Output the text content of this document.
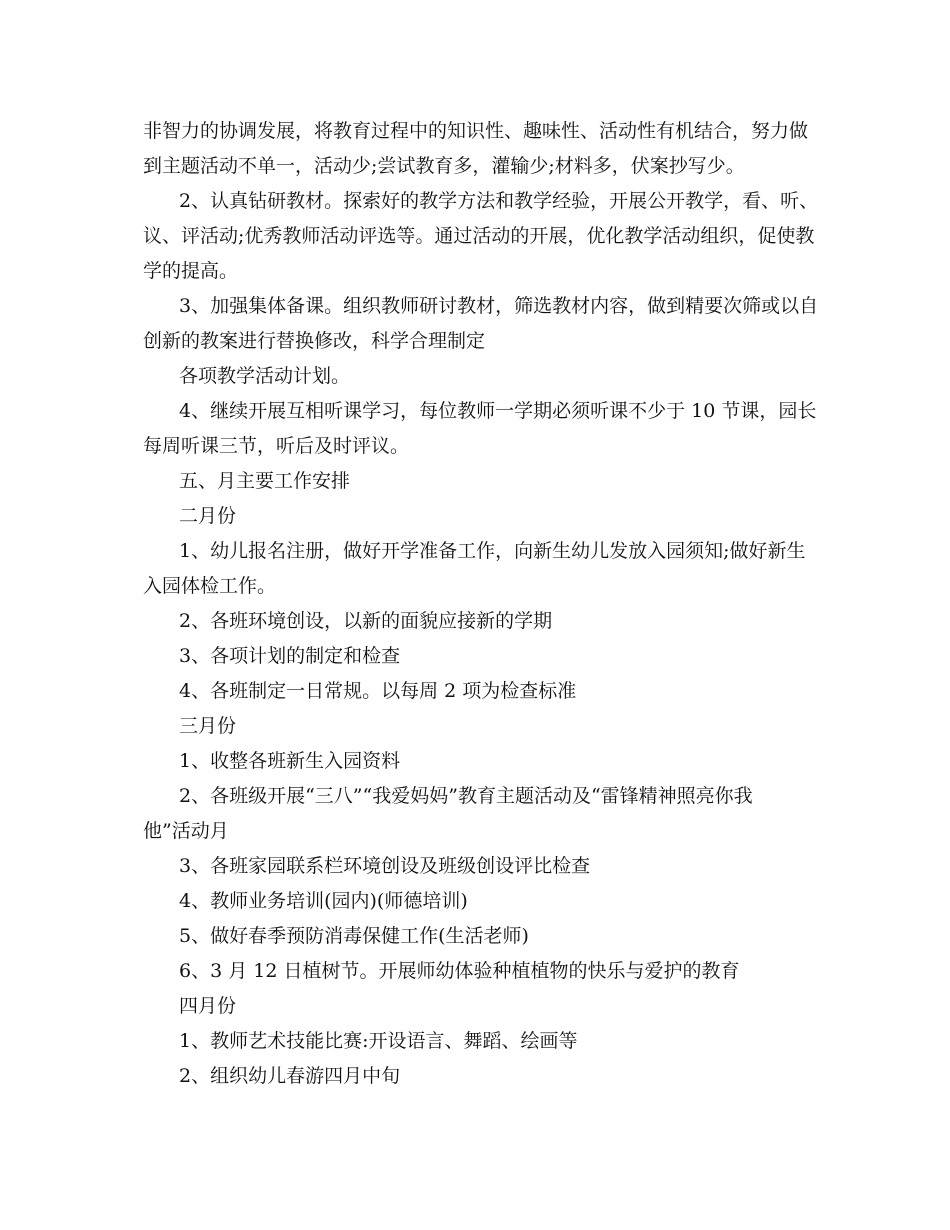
非智力的协调发展，将教育过程中的知识性、趣味性、活动性有机结合，努力做
到主题活动不单一，活动少;尝试教育多，灌输少;材料多，伏案抄写少。
2、认真钻研教材。探索好的教学方法和教学经验，开展公开教学，看、听、
议、评活动;优秀教师活动评选等。通过活动的开展，优化教学活动组织，促使教
学的提高。
3、加强集体备课。组织教师研讨教材，筛选教材内容，做到精要次筛或以自
创新的教案进行替换修改，科学合理制定
各项教学活动计划。
4、继续开展互相听课学习，每位教师一学期必须听课不少于 10 节课，园长
每周听课三节，听后及时评议。
五、月主要工作安排
二月份
1、幼儿报名注册，做好开学准备工作，向新生幼儿发放入园须知;做好新生
入园体检工作。
2、各班环境创设，以新的面貌应接新的学期
3、各项计划的制定和检查
4、各班制定一日常规。以每周 2 项为检查标准
三月份
1、收整各班新生入园资料
2、各班级开展“三八”“我爱妈妈”教育主题活动及“雷锋精神照亮你我
他”活动月
3、各班家园联系栏环境创设及班级创设评比检查
4、教师业务培训(园内)(师德培训)
5、做好春季预防消毒保健工作(生活老师)
6、3 月 12 日植树节。开展师幼体验种植植物的快乐与爱护的教育
四月份
1、教师艺术技能比赛:开设语言、舞蹈、绘画等
2、组织幼儿春游四月中旬
